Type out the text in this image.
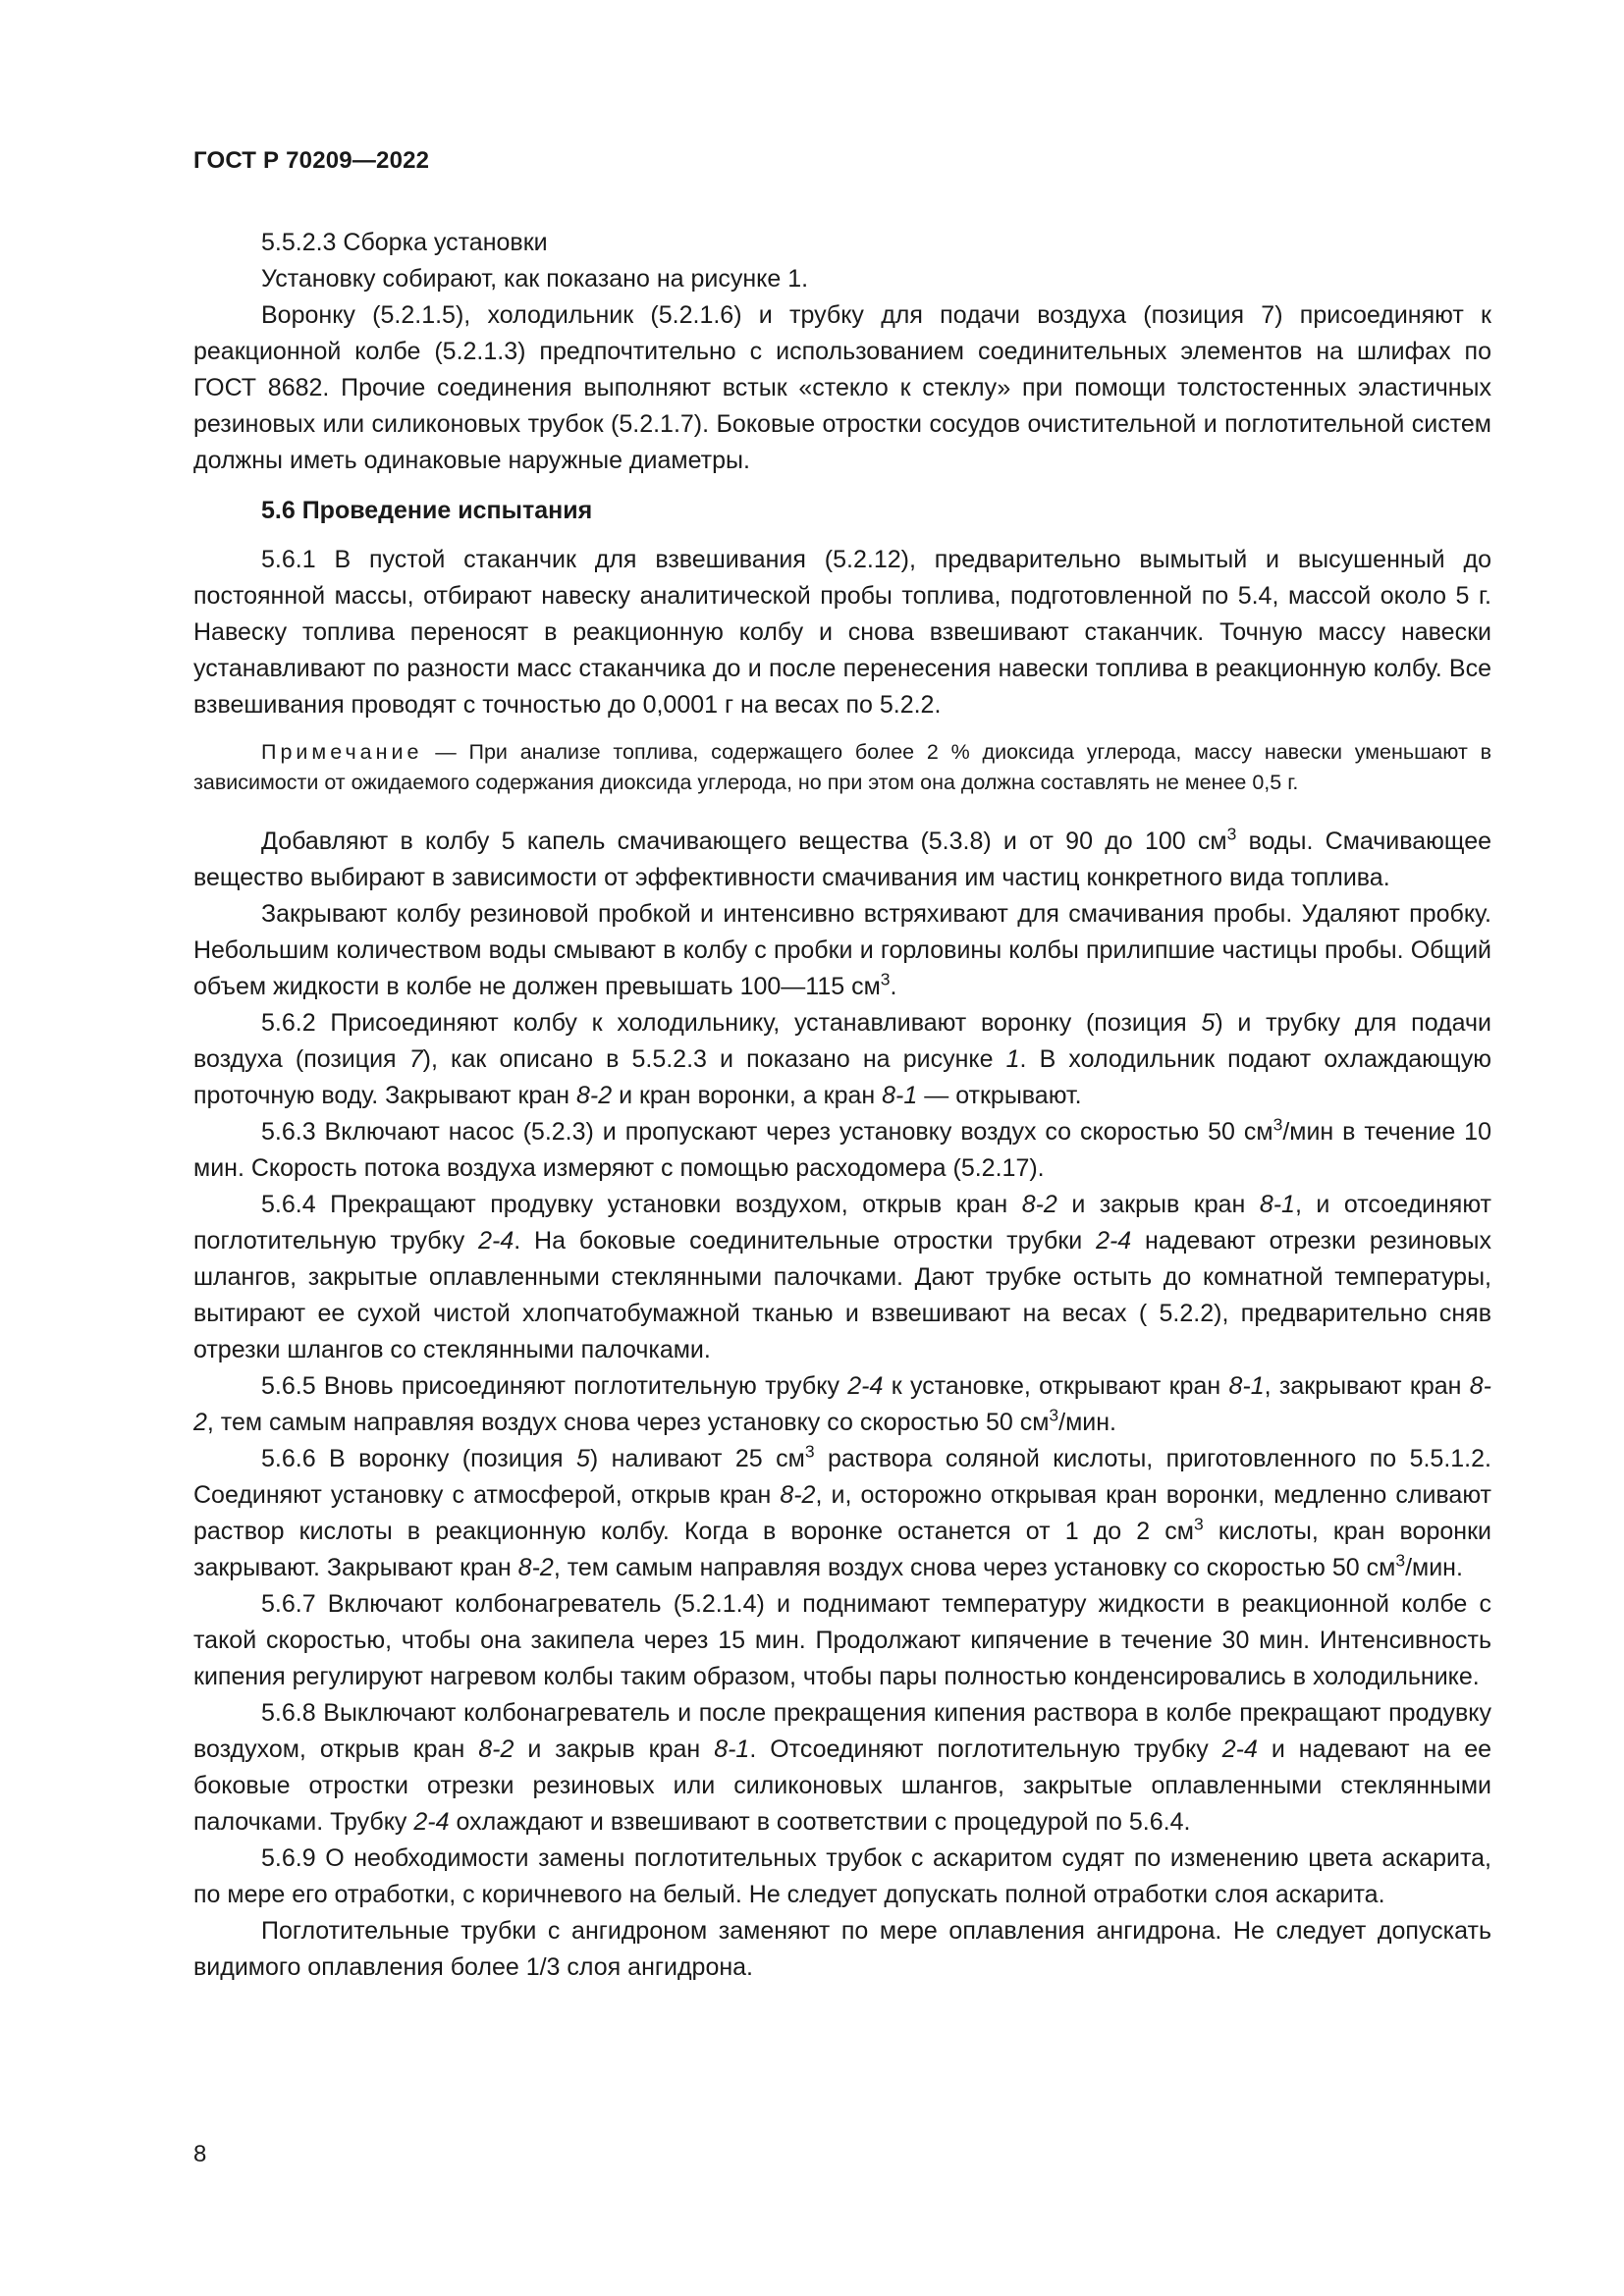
ГОСТ Р 70209—2022

5.5.2.3 Сборка установки

Установку собирают, как показано на рисунке 1.

Воронку (5.2.1.5), холодильник (5.2.1.6) и трубку для подачи воздуха (позиция 7) присоединяют к реакционной колбе (5.2.1.3) предпочтительно с использованием соединительных элементов на шлифах по ГОСТ 8682. Прочие соединения выполняют встык «стекло к стеклу» при помощи толстостенных эластичных резиновых или силиконовых трубок (5.2.1.7). Боковые отростки сосудов очистительной и поглотительной систем должны иметь одинаковые наружные диаметры.

5.6 Проведение испытания

5.6.1 В пустой стаканчик для взвешивания (5.2.12), предварительно вымытый и высушенный до постоянной массы, отбирают навеску аналитической пробы топлива, подготовленной по 5.4, массой около 5 г. Навеску топлива переносят в реакционную колбу и снова взвешивают стаканчик. Точную массу навески устанавливают по разности масс стаканчика до и после перенесения навески топлива в реакционную колбу. Все взвешивания проводят с точностью до 0,0001 г на весах по 5.2.2.

Примечание — При анализе топлива, содержащего более 2 % диоксида углерода, массу навески уменьшают в зависимости от ожидаемого содержания диоксида углерода, но при этом она должна составлять не менее 0,5 г.

Добавляют в колбу 5 капель смачивающего вещества (5.3.8) и от 90 до 100 $см^3$ воды. Смачивающее вещество выбирают в зависимости от эффективности смачивания им частиц конкретного вида топлива.

Закрывают колбу резиновой пробкой и интенсивно встряхивают для смачивания пробы. Удаляют пробку. Небольшим количеством воды смывают в колбу с пробки и горловины колбы прилипшие частицы пробы. Общий объем жидкости в колбе не должен превышать 100—115 $см^3$.

5.6.2 Присоединяют колбу к холодильнику, устанавливают воронку (позиция 5) и трубку для подачи воздуха (позиция 7), как описано в 5.5.2.3 и показано на рисунке 1. В холодильник подают охлаждающую проточную воду. Закрывают кран 8-2 и кран воронки, а кран 8-1 — открывают.

5.6.3 Включают насос (5.2.3) и пропускают через установку воздух со скоростью 50 $см^3$/мин в течение 10 мин. Скорость потока воздуха измеряют с помощью расходомера (5.2.17).

5.6.4 Прекращают продувку установки воздухом, открыв кран 8-2 и закрыв кран 8-1, и отсоединяют поглотительную трубку 2-4. На боковые соединительные отростки трубки 2-4 надевают отрезки резиновых шлангов, закрытые оплавленными стеклянными палочками. Дают трубке остыть до комнатной температуры, вытирают ее сухой чистой хлопчатобумажной тканью и взвешивают на весах ( 5.2.2), предварительно сняв отрезки шлангов со стеклянными палочками.

5.6.5 Вновь присоединяют поглотительную трубку 2-4 к установке, открывают кран 8-1, закрывают кран 8-2, тем самым направляя воздух снова через установку со скоростью 50 $см^3$/мин.

5.6.6 В воронку (позиция 5) наливают 25 $см^3$ раствора соляной кислоты, приготовленного по 5.5.1.2. Соединяют установку с атмосферой, открыв кран 8-2, и, осторожно открывая кран воронки, медленно сливают раствор кислоты в реакционную колбу. Когда в воронке останется от 1 до 2 $см^3$ кислоты, кран воронки закрывают. Закрывают кран 8-2, тем самым направляя воздух снова через установку со скоростью 50 $см^3$/мин.

5.6.7 Включают колбонагреватель (5.2.1.4) и поднимают температуру жидкости в реакционной колбе с такой скоростью, чтобы она закипела через 15 мин. Продолжают кипячение в течение 30 мин. Интенсивность кипения регулируют нагревом колбы таким образом, чтобы пары полностью конденсировались в холодильнике.

5.6.8 Выключают колбонагреватель и после прекращения кипения раствора в колбе прекращают продувку воздухом, открыв кран 8-2 и закрыв кран 8-1. Отсоединяют поглотительную трубку 2-4 и надевают на ее боковые отростки отрезки резиновых или силиконовых шлангов, закрытые оплавленными стеклянными палочками. Трубку 2-4 охлаждают и взвешивают в соответствии с процедурой по 5.6.4.

5.6.9 О необходимости замены поглотительных трубок с аскаритом судят по изменению цвета аскарита, по мере его отработки, с коричневого на белый. Не следует допускать полной отработки слоя аскарита.

Поглотительные трубки с ангидроном заменяют по мере оплавления ангидрона. Не следует допускать видимого оплавления более 1/3 слоя ангидрона.

8
